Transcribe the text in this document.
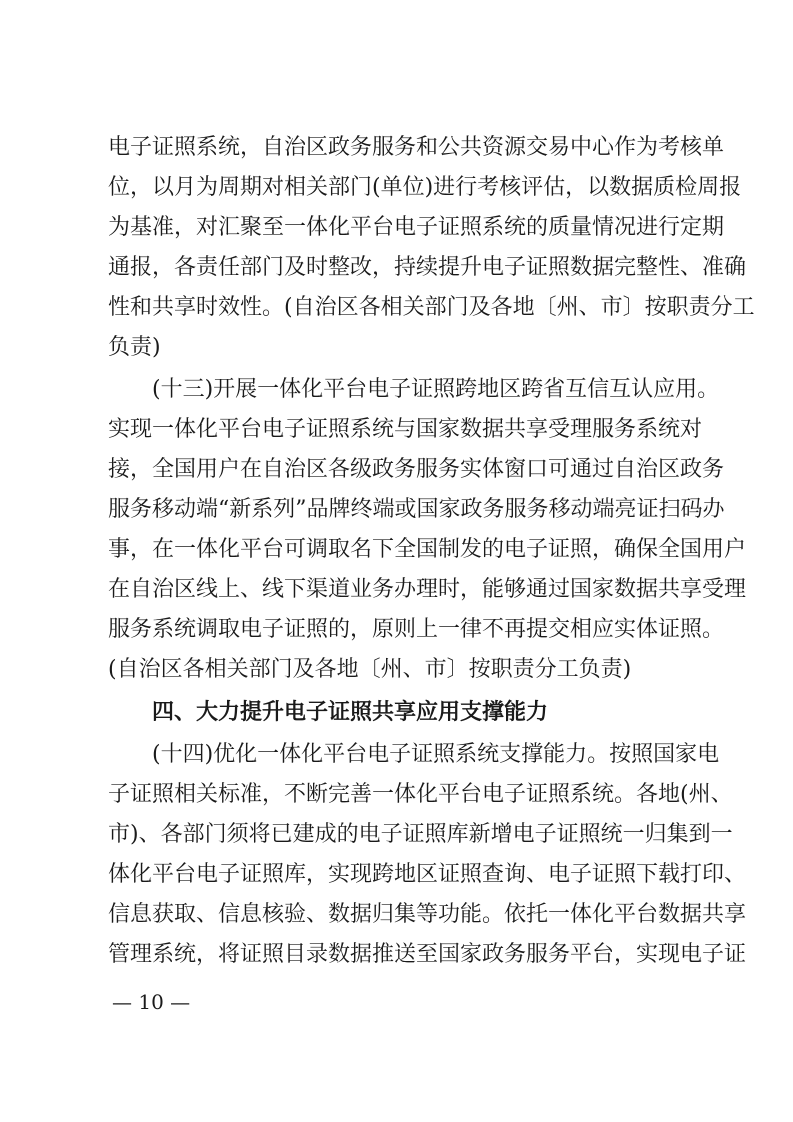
电子证照系统，自治区政务服务和公共资源交易中心作为考核单
位，以月为周期对相关部门(单位)进行考核评估，以数据质检周报
为基准，对汇聚至一体化平台电子证照系统的质量情况进行定期
通报，各责任部门及时整改，持续提升电子证照数据完整性、准确
性和共享时效性。(自治区各相关部门及各地〔州、市〕按职责分工
负责)
(十三)开展一体化平台电子证照跨地区跨省互信互认应用。
实现一体化平台电子证照系统与国家数据共享受理服务系统对
接，全国用户在自治区各级政务服务实体窗口可通过自治区政务
服务移动端“新系列”品牌终端或国家政务服务移动端亮证扫码办
事，在一体化平台可调取名下全国制发的电子证照，确保全国用户
在自治区线上、线下渠道业务办理时，能够通过国家数据共享受理
服务系统调取电子证照的，原则上一律不再提交相应实体证照。
(自治区各相关部门及各地〔州、市〕按职责分工负责)
四、大力提升电子证照共享应用支撑能力
(十四)优化一体化平台电子证照系统支撑能力。按照国家电
子证照相关标准，不断完善一体化平台电子证照系统。各地(州、
市)、各部门须将已建成的电子证照库新增电子证照统一归集到一
体化平台电子证照库，实现跨地区证照查询、电子证照下载打印、
信息获取、信息核验、数据归集等功能。依托一体化平台数据共享
管理系统，将证照目录数据推送至国家政务服务平台，实现电子证
— 10 —
